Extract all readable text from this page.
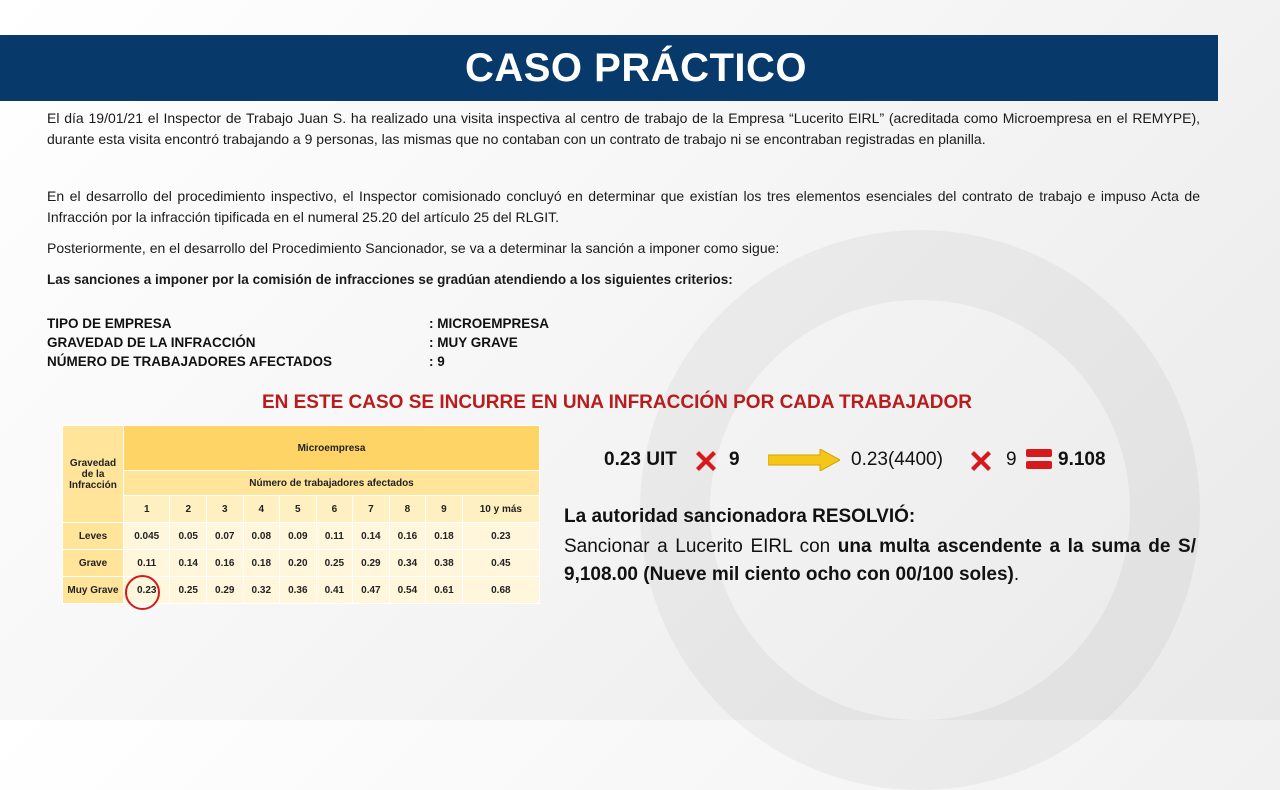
CASO PRÁCTICO

El día 19/01/21 el Inspector de Trabajo Juan S. ha realizado una visita inspectiva al centro de trabajo de la Empresa “Lucerito EIRL” (acreditada como Microempresa en el REMYPE), durante esta visita encontró trabajando a 9 personas, las mismas que no contaban con un contrato de trabajo ni se encontraban registradas en planilla.

En el desarrollo del procedimiento inspectivo, el Inspector comisionado concluyó en determinar que existían los tres elementos esenciales del contrato de trabajo e impuso Acta de Infracción por la infracción tipificada en el numeral 25.20 del artículo 25 del RLGIT.

Posteriormente, en el desarrollo del Procedimiento Sancionador, se va a determinar la sanción a imponer como sigue:

Las sanciones a imponer por la comisión de infracciones se gradúan atendiendo a los siguientes criterios:

TIPO DE EMPRESA	: MICROEMPRESA
GRAVEDAD DE LA INFRACCIÓN	: MUY GRAVE
NÚMERO DE TRABAJADORES AFECTADOS	: 9
EN ESTE CASO SE INCURRE EN UNA INFRACCIÓN POR CADA TRABAJADOR
Gravedad de la Infracción	Microempresa									
	Número de trabajadores afectados									
	1	2	3	4	5	6	7	8	9	10 y más
Leves	0.045	0.05	0.07	0.08	0.09	0.11	0.14	0.16	0.18	0.23
Grave	0.11	0.14	0.16	0.18	0.20	0.25	0.29	0.34	0.38	0.45
Muy Grave	0.23	0.25	0.29	0.32	0.36	0.41	0.47	0.54	0.61	0.68
0.23 UIT	9	0.23(4400)	9 9.108
La autoridad sancionadora RESOLVIÓ:
Sancionar a Lucerito EIRL con una multa ascendente a la suma de S/ 9,108.00 (Nueve mil ciento ocho con 00/100 soles).
